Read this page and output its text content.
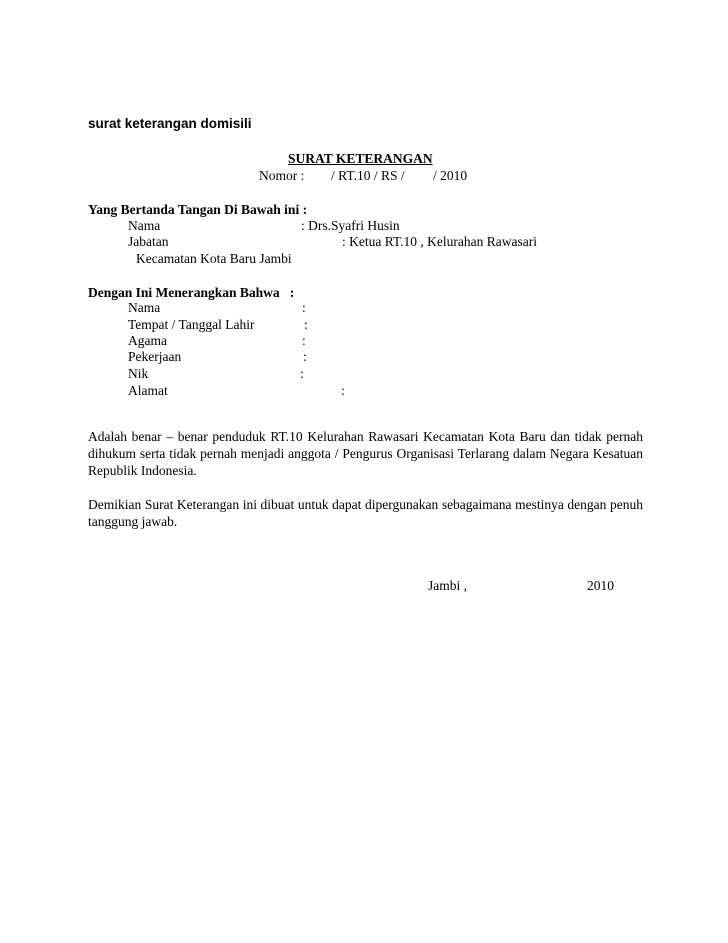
surat keterangan domisili
SURAT KETERANGAN
Nomor : / RT.10 / RS / / 2010
Yang Bertanda Tangan Di Bawah ini :
Nama	: Drs.Syafri Husin
Jabatan	: Ketua RT.10 , Kelurahan Rawasari
Kecamatan Kota Baru Jambi
Dengan Ini Menerangkan Bahwa   :
Nama	:
Tempat / Tanggal Lahir	:
Agama	:
Pekerjaan	:
Nik	:
Alamat	:
Adalah benar – benar penduduk RT.10 Kelurahan Rawasari Kecamatan Kota Baru dan tidak pernah dihukum serta tidak pernah menjadi anggota / Pengurus Organisasi Terlarang dalam Negara Kesatuan Republik Indonesia.
Demikian Surat Keterangan ini dibuat untuk dapat dipergunakan sebagaimana mestinya dengan penuh tanggung jawab.
Jambi ,	2010
